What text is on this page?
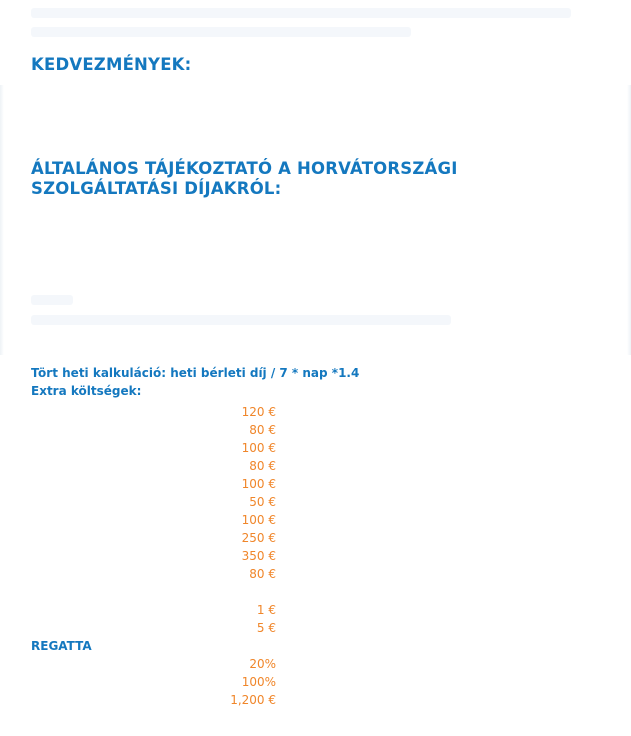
KEDVEZMÉNYEK:
ÁLTALÁNOS TÁJÉKOZTATÓ A HORVÁTORSZÁGI
SZOLGÁLTATÁSI DÍJAKRÓL:
Tört heti kalkuláció: heti bérleti díj / 7 * nap *1.4
Extra költségek:
120 €
80 €
100 €
80 €
100 €
50 €
100 €
250 €
350 €
80 €
1 €
5 €
REGATTA
20%
100%
1,200 €
